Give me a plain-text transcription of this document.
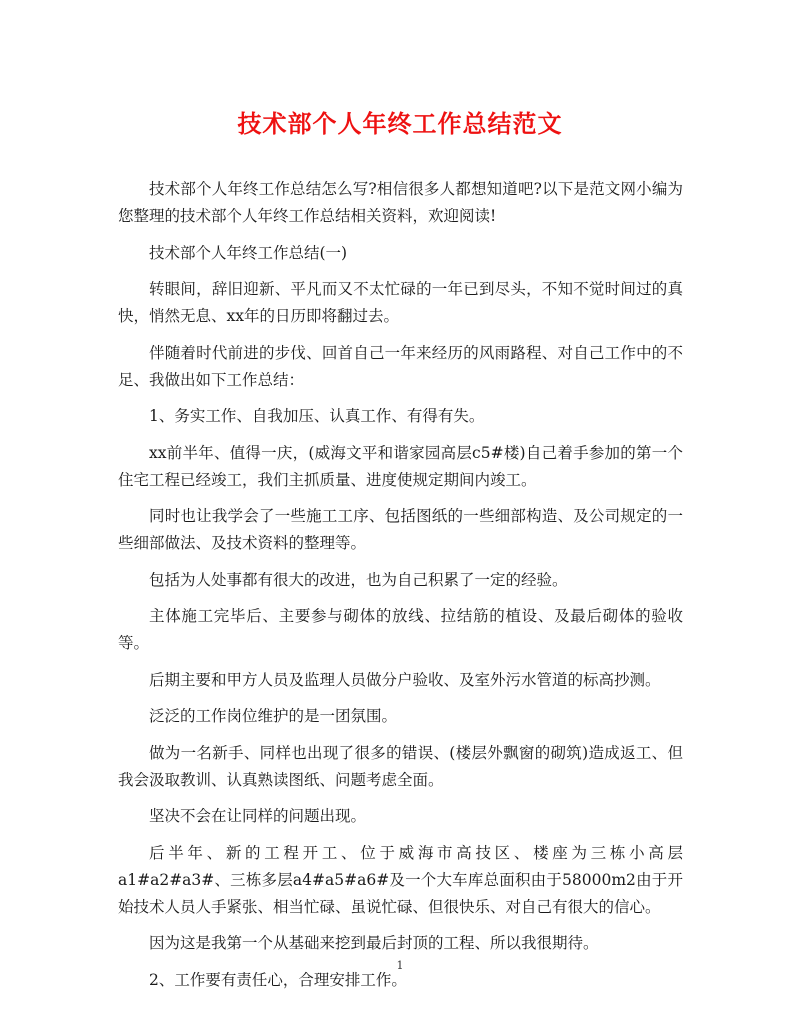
技术部个人年终工作总结范文

技术部个人年终工作总结怎么写?相信很多人都想知道吧?以下是范文网小编为您整理的技术部个人年终工作总结相关资料，欢迎阅读!

技术部个人年终工作总结(一)

转眼间，辞旧迎新、平凡而又不太忙碌的一年已到尽头，不知不觉时间过的真快，悄然无息、xx年的日历即将翻过去。

伴随着时代前进的步伐、回首自己一年来经历的风雨路程、对自己工作中的不足、我做出如下工作总结：

1、务实工作、自我加压、认真工作、有得有失。

xx前半年、值得一庆，(威海文平和谐家园高层c5#楼)自己着手参加的第一个住宅工程已经竣工，我们主抓质量、进度使规定期间内竣工。

同时也让我学会了一些施工工序、包括图纸的一些细部构造、及公司规定的一些细部做法、及技术资料的整理等。

包括为人处事都有很大的改进，也为自己积累了一定的经验。

主体施工完毕后、主要参与砌体的放线、拉结筋的植设、及最后砌体的验收等。

后期主要和甲方人员及监理人员做分户验收、及室外污水管道的标高抄测。

泛泛的工作岗位维护的是一团氛围。

做为一名新手、同样也出现了很多的错误、(楼层外飘窗的砌筑)造成返工、但我会汲取教训、认真熟读图纸、问题考虑全面。

坚决不会在让同样的问题出现。

后半年、新的工程开工、位于威海市高技区、楼座为三栋小高层a1#a2#a3#、三栋多层a4#a5#a6#及一个大车库总面积由于58000m2由于开始技术人员人手紧张、相当忙碌、虽说忙碌、但很快乐、对自己有很大的信心。

因为这是我第一个从基础来挖到最后封顶的工程、所以我很期待。

2、工作要有责任心，合理安排工作。

1
